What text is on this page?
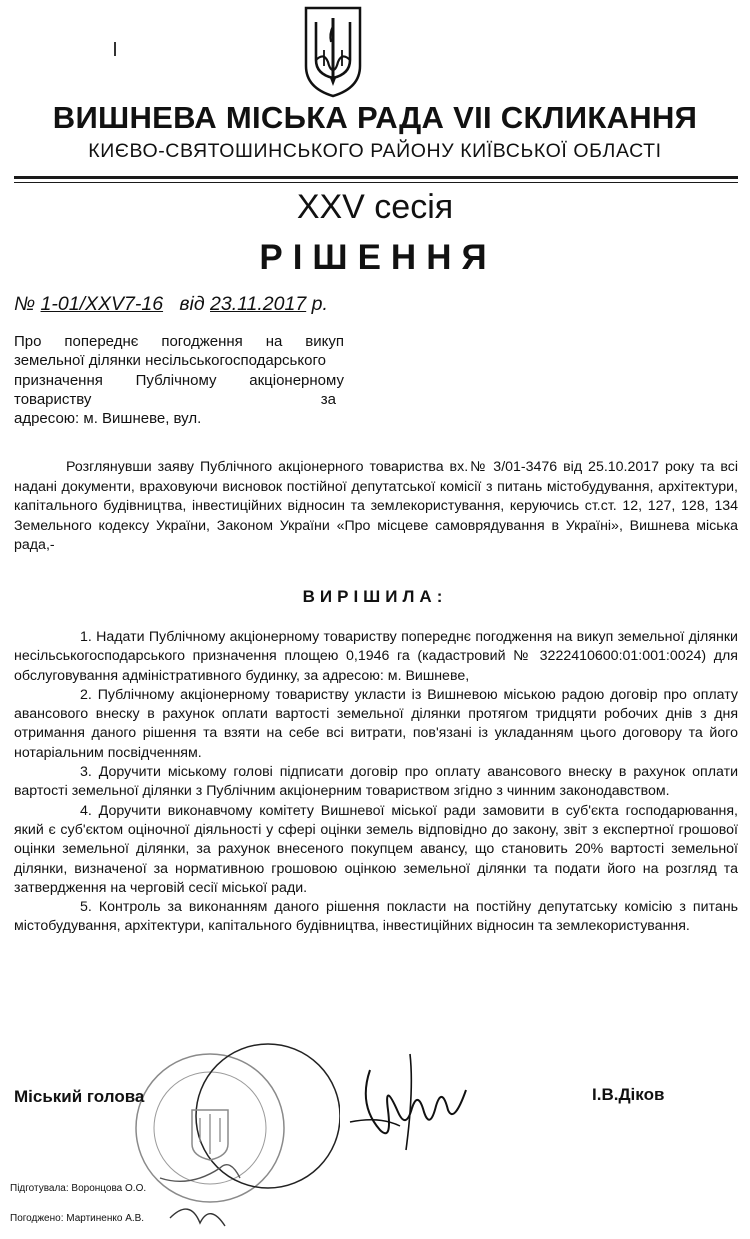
ВИШНЕВА МІСЬКА РАДА VII СКЛИКАННЯ
КИЄВО-СВЯТОШИНСЬКОГО РАЙОНУ КИЇВСЬКОЇ ОБЛАСТІ
XXV сесія
РІШЕННЯ
№ 1-01/XXV7-16 від 23.11.2017 р.
Про попереднє погодження на викуп
земельної ділянки несільськогосподарського
призначення Публічному акціонерному
товариству	за
адресою: м. Вишневе, вул.

Розглянувши заяву Публічного акціонерного товариства вх.№ 3/01-3476 від 25.10.2017 року та всі надані документи, враховуючи висновок постійної депутатської комісії з питань містобудування, архітектури, капітального будівництва, інвестиційних відносин та землекористування, керуючись ст.ст. 12, 127, 128, 134 Земельного кодексу України, Законом України «Про місцеве самоврядування в Україні», Вишнева міська рада,-

ВИРІШИЛА:

1. Надати Публічному акціонерному товариству попереднє погодження на викуп земельної ділянки несільськогосподарського призначення площею 0,1946 га (кадастровий № 3222410600:01:001:0024) для обслуговування адміністративного будинку, за адресою: м. Вишневе,

2. Публічному акціонерному товариству укласти із Вишневою міською радою договір про оплату авансового внеску в рахунок оплати вартості земельної ділянки протягом тридцяти робочих днів з дня отримання даного рішення та взяти на себе всі витрати, пов'язані із укладанням цього договору та його нотаріальним посвідченням.

3. Доручити міському голові підписати договір про оплату авансового внеску в рахунок оплати вартості земельної ділянки з Публічним акціонерним товариством згідно з чинним законодавством.

4. Доручити виконавчому комітету Вишневої міської ради замовити в суб'єкта господарювання, який є суб'єктом оціночної діяльності у сфері оцінки земель відповідно до закону, звіт з експертної грошової оцінки земельної ділянки, за рахунок внесеного покупцем авансу, що становить 20% вартості земельної ділянки, визначеної за нормативною грошовою оцінкою земельної ділянки та подати його на розгляд та затвердження на черговій сесії міської ради.

5. Контроль за виконанням даного рішення покласти на постійну депутатську комісію з питань містобудування, архітектури, капітального будівництва, інвестиційних відносин та землекористування.

Міський голова	І.В.Діков
Підготувала: Воронцова О.О.
Погоджено: Мартиненко А.В.
